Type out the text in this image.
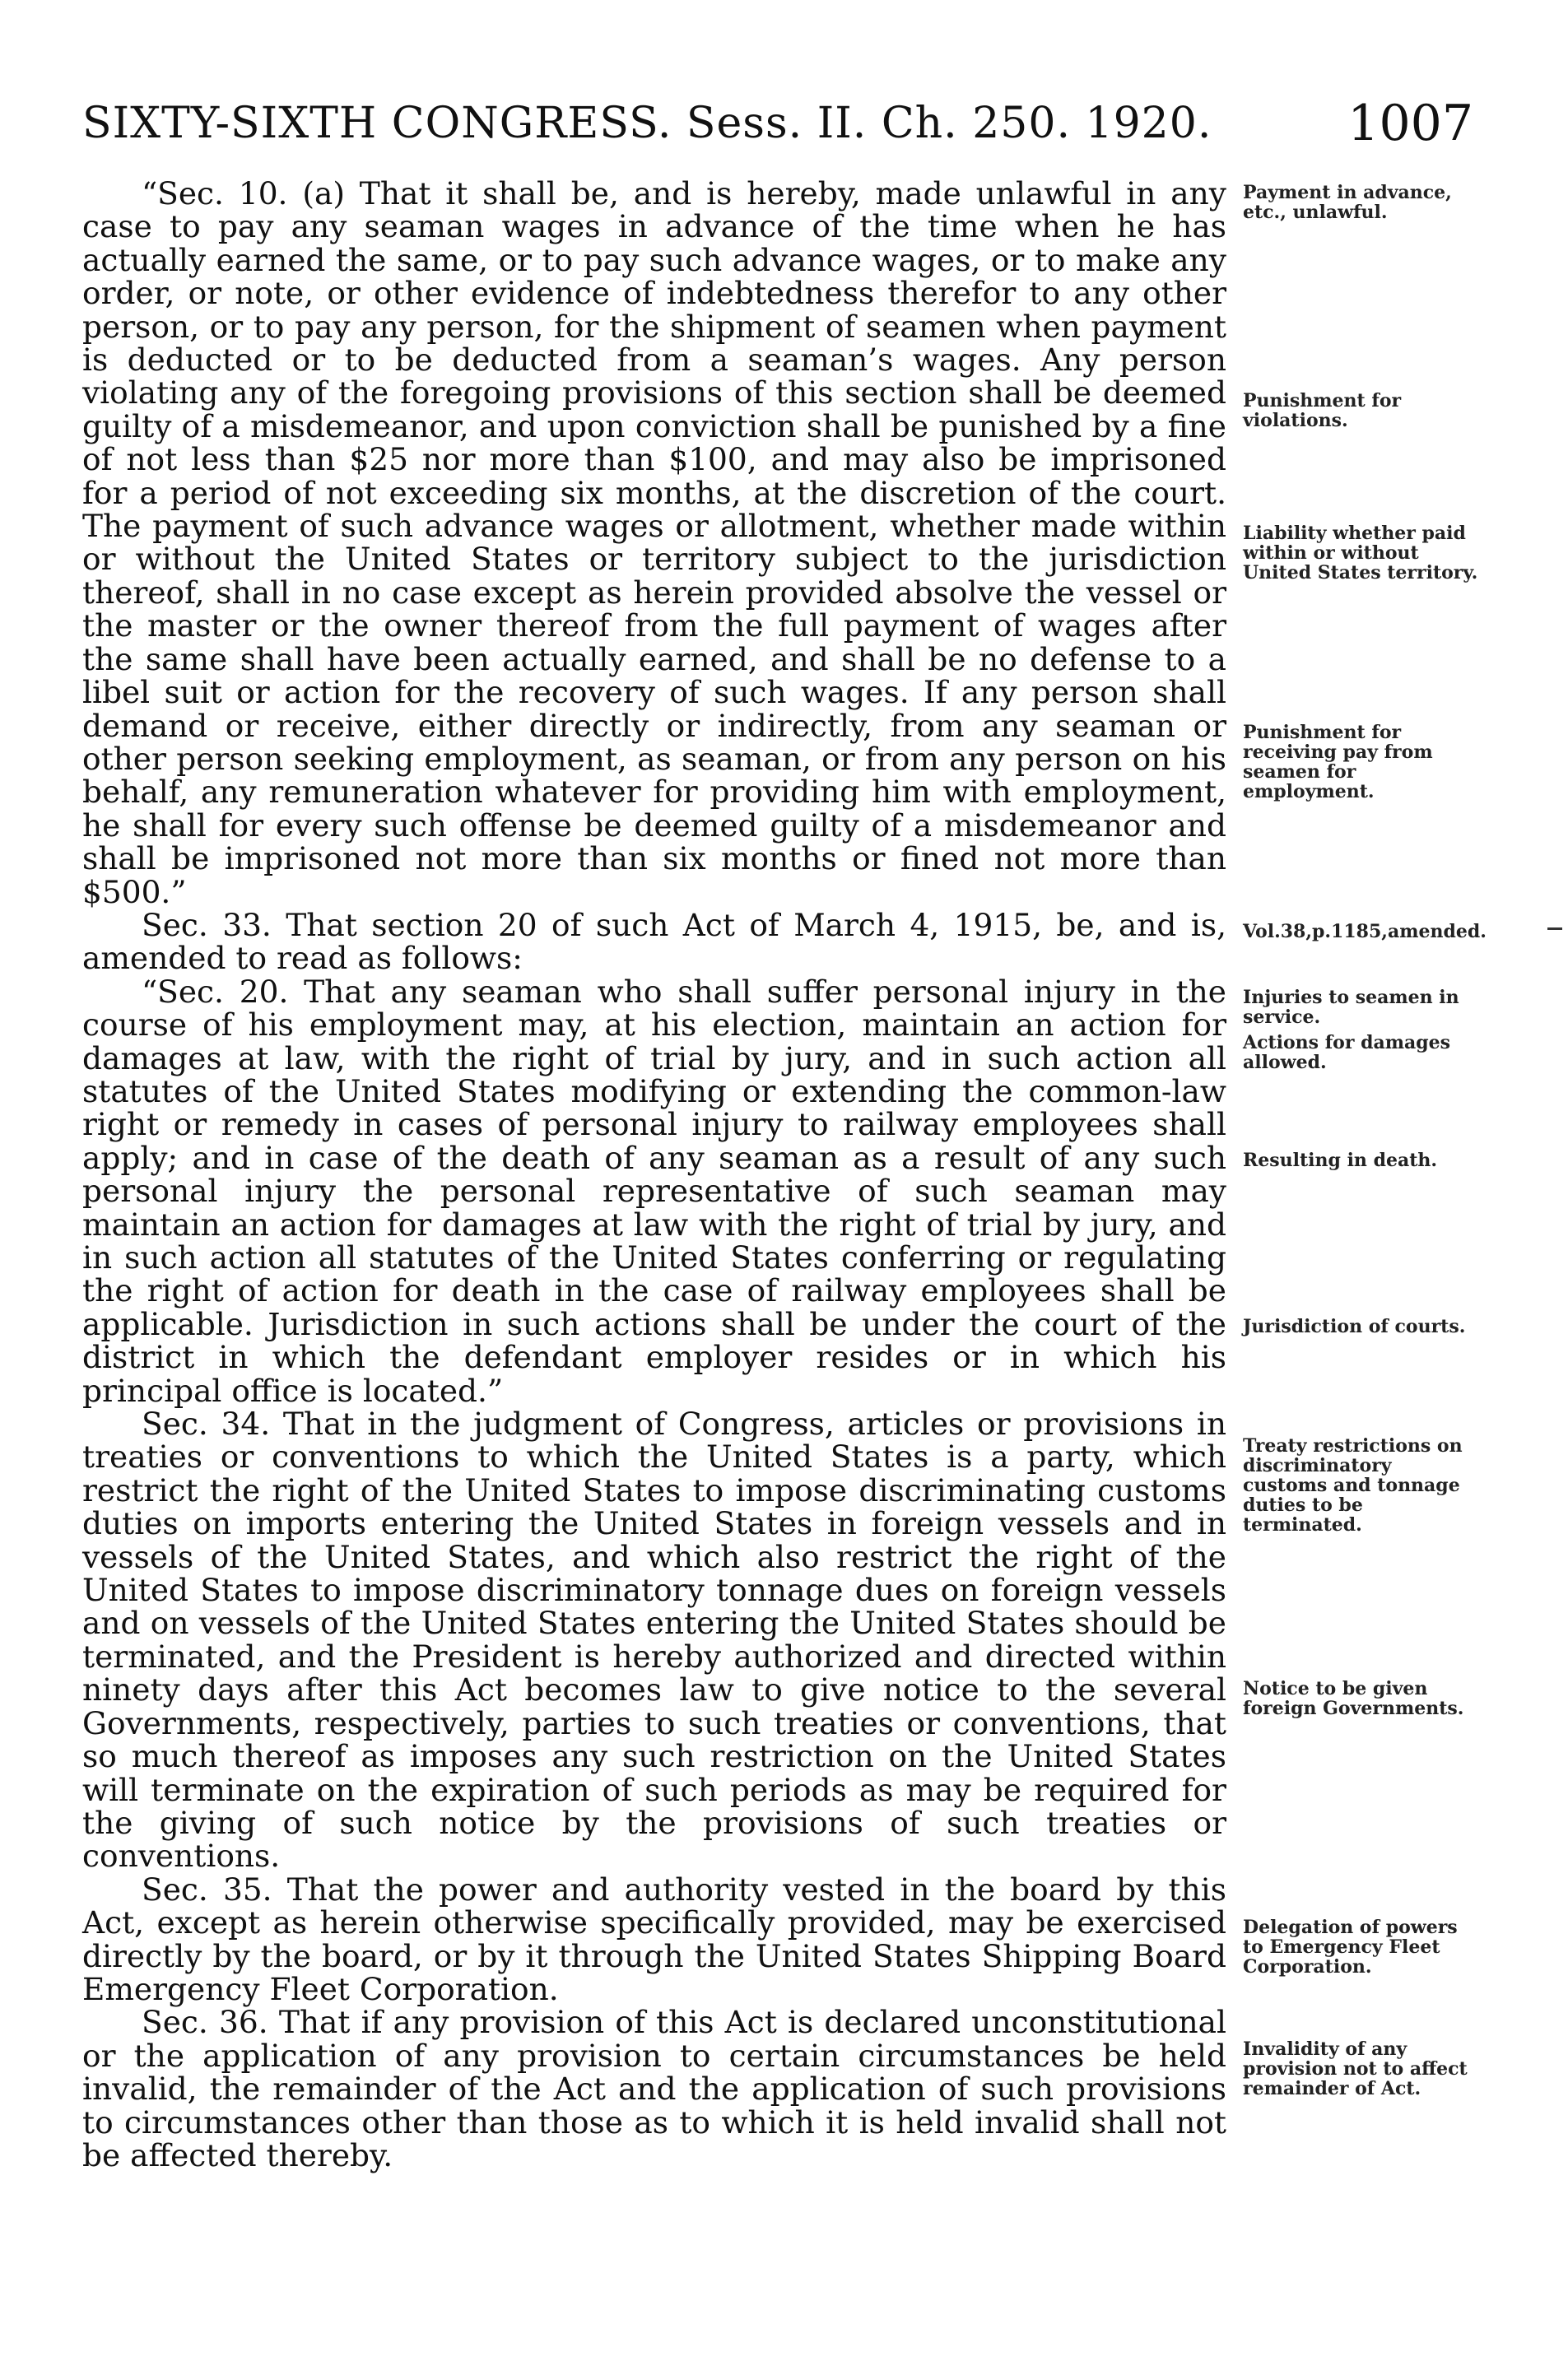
SIXTY-SIXTH CONGRESS. Sess. II. Ch. 250. 1920.	1007

“Sec. 10. (a) That it shall be, and is hereby, made unlawful in any case to pay any seaman wages in advance of the time when he has actually earned the same, or to pay such advance wages, or to make any order, or note, or other evidence of indebtedness therefor to any other person, or to pay any person, for the shipment of seamen when payment is deducted or to be deducted from a seaman’s wages. Any person violating any of the foregoing provisions of this section shall be deemed guilty of a misdemeanor, and upon conviction shall be punished by a fine of not less than $25 nor more than $100, and may also be imprisoned for a period of not exceeding six months, at the discretion of the court. The payment of such advance wages or allotment, whether made within or without the United States or territory subject to the jurisdiction thereof, shall in no case except as herein provided absolve the vessel or the master or the owner thereof from the full payment of wages after the same shall have been actually earned, and shall be no defense to a libel suit or action for the recovery of such wages. If any person shall demand or receive, either directly or indirectly, from any seaman or other person seeking employment, as seaman, or from any person on his behalf, any remuneration whatever for providing him with employment, he shall for every such offense be deemed guilty of a misdemeanor and shall be imprisoned not more than six months or fined not more than $500.”

Sec. 33. That section 20 of such Act of March 4, 1915, be, and is, amended to read as follows:

“Sec. 20. That any seaman who shall suffer personal injury in the course of his employment may, at his election, maintain an action for damages at law, with the right of trial by jury, and in such action all statutes of the United States modifying or extending the common-law right or remedy in cases of personal injury to railway employees shall apply; and in case of the death of any seaman as a result of any such personal injury the personal representative of such seaman may maintain an action for damages at law with the right of trial by jury, and in such action all statutes of the United States conferring or regulating the right of action for death in the case of railway employees shall be applicable. Jurisdiction in such actions shall be under the court of the district in which the defendant employer resides or in which his principal office is located.”

Sec. 34. That in the judgment of Congress, articles or provisions in treaties or conventions to which the United States is a party, which restrict the right of the United States to impose discriminating customs duties on imports entering the United States in foreign vessels and in vessels of the United States, and which also restrict the right of the United States to impose discriminatory tonnage dues on foreign vessels and on vessels of the United States entering the United States should be terminated, and the President is hereby authorized and directed within ninety days after this Act becomes law to give notice to the several Governments, respectively, parties to such treaties or conventions, that so much thereof as imposes any such restriction on the United States will terminate on the expiration of such periods as may be required for the giving of such notice by the provisions of such treaties or conventions.

Sec. 35. That the power and authority vested in the board by this Act, except as herein otherwise specifically provided, may be exercised directly by the board, or by it through the United States Shipping Board Emergency Fleet Corporation.

Sec. 36. That if any provision of this Act is declared unconstitutional or the application of any provision to certain circumstances be held invalid, the remainder of the Act and the application of such provisions to circumstances other than those as to which it is held invalid shall not be affected thereby.

Payment in advance, etc., unlawful.
Punishment for violations.
Liability whether paid within or without United States territory.
Punishment for receiving pay from seamen for employment.
Vol.38,p.1185,amended.
Injuries to seamen in service.
Actions for damages allowed.
Resulting in death.
Jurisdiction of courts.
Treaty restrictions on discriminatory customs and tonnage duties to be terminated.
Notice to be given foreign Governments.
Delegation of powers to Emergency Fleet Corporation.
Invalidity of any provision not to affect remainder of Act.
